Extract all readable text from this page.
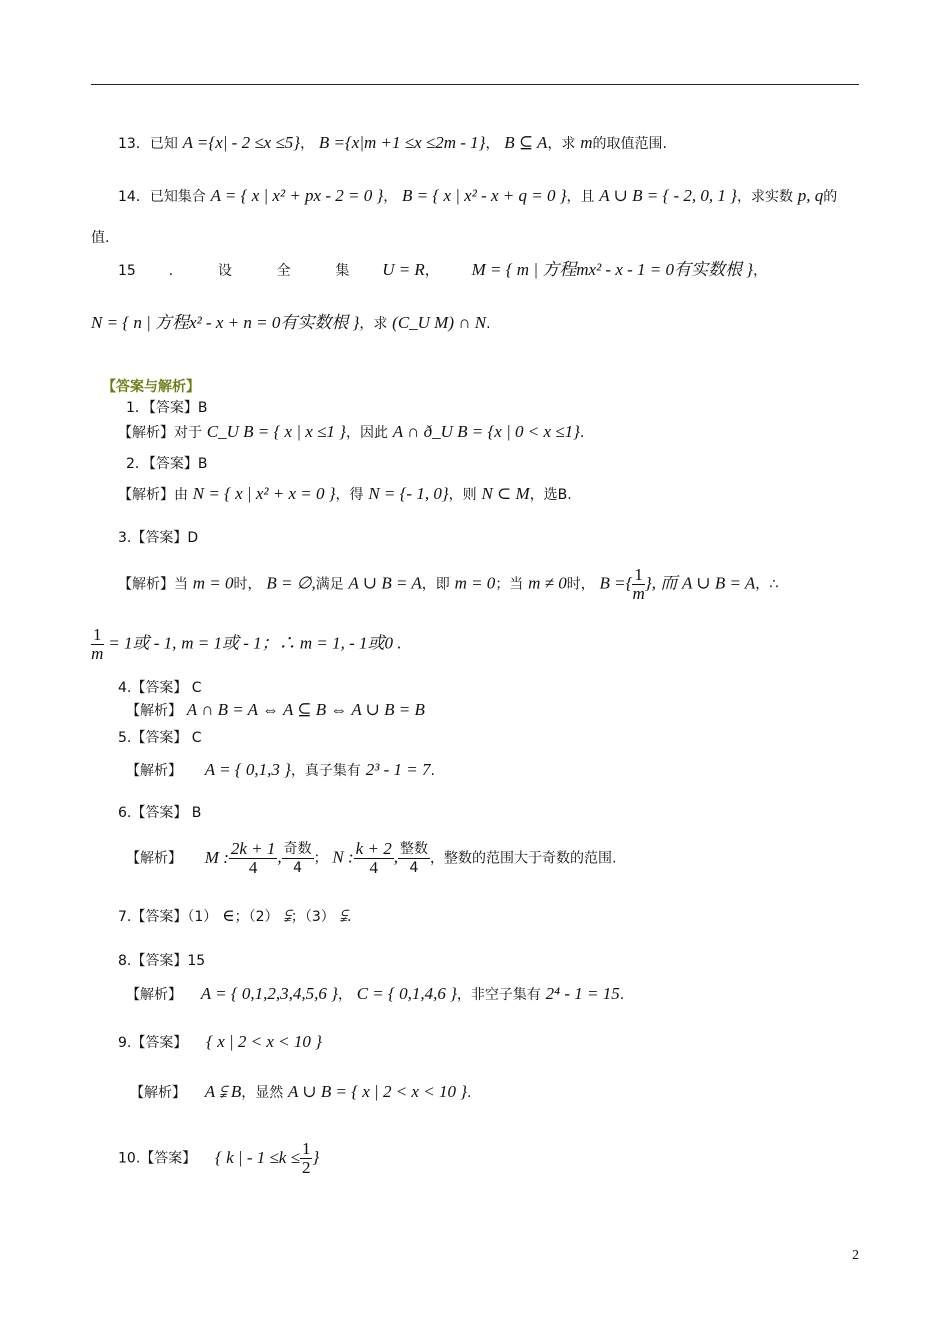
13．已知 A ={x| - 2 ≤x ≤5}， B ={x|m +1 ≤x ≤2m - 1}， B ⊆ A，求 m的取值范围.
14．已知集合 A = { x | x² + px - 2 = 0 }， B = { x | x² - x + q = 0 }，且 A ∪ B = { - 2, 0, 1 }，求实数 p, q的
值.
15 .	设	全	集 U = R， M = { m | 方程mx² - x - 1 = 0有实数根 }，
N = { n | 方程x² - x + n = 0有实数根 }，求 (C_U M) ∩ N.
【答案与解析】
1．【答案】B
【解析】对于 C_U B = { x | x ≤1 }，因此 A ∩ ð_U B = {x | 0 < x ≤1}.
2．【答案】B
【解析】由 N = { x | x² + x = 0 }，得 N = {- 1, 0}，则 N ⊂ M，选B.
3.【答案】D
【解析】当 m = 0时， B = ∅,满足 A ∪ B = A，即 m = 0；当 m ≠ 0时， B ={ $\frac{1}{m}$ }, 而 A ∪ B = A，∴
$\frac{1}{m} = 1$或 - 1, m = 1或 - 1；∴ m = 1, - 1或0 .
4.【答案】 C
【解析】 A ∩ B = A ⇔ A ⊆ B ⇔ A ∪ B = B
5.【答案】 C
【解析】 A = { 0,1,3 }，真子集有 2³ - 1 = 7.
6.【答案】 B
【解析】 M : $\frac{2k + 1}{4}$ , $\frac{\text{奇数}}{4}$ ； N : $\frac{k + 2}{4}$ , $\frac{\text{整数}}{4}$ ，整数的范围大于奇数的范围.
7.【答案】（1） ∈；（2） ⫋；（3） ⫋.
8.【答案】15
【解析】 A = { 0,1,2,3,4,5,6 }， C = { 0,1,4,6 }，非空子集有 2⁴ - 1 = 15.
9.【答案】 { x | 2 < x < 10 }
【解析】 A ⫋ B，显然 A ∪ B = { x | 2 < x < 10 }.
10.【答案】 { k | - $1 \le k \le \frac{1}{2}$ }
2
